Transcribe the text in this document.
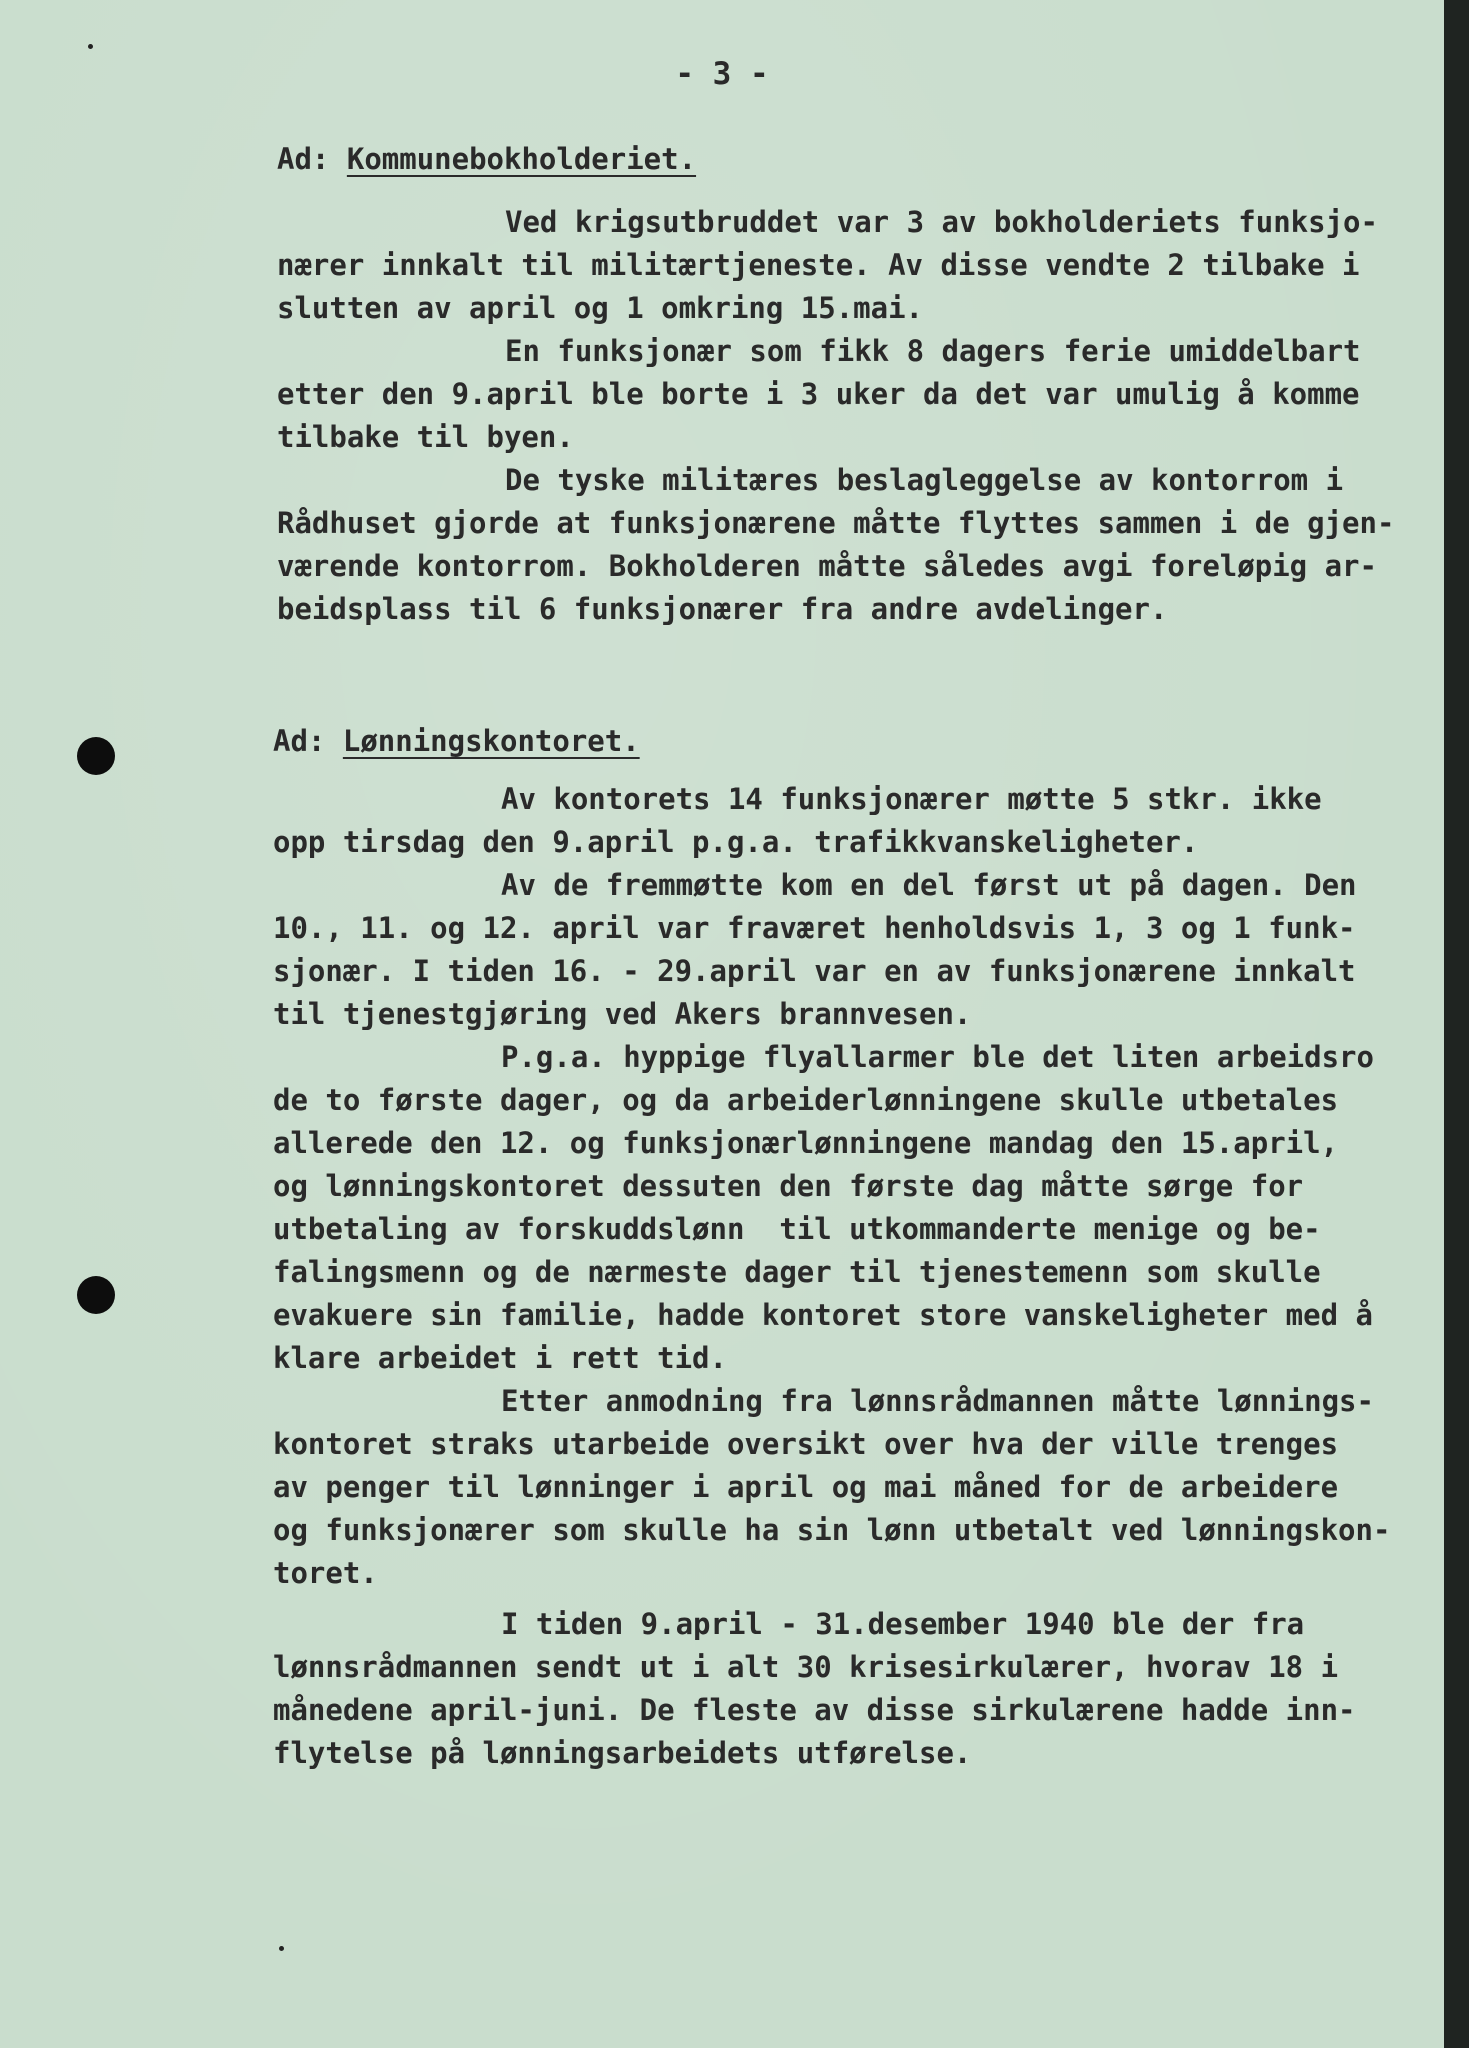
- 3 -
Ad: Kommunebokholderiet.
Ved krigsutbruddet var 3 av bokholderiets funksjo-
nærer innkalt til militærtjeneste. Av disse vendte 2 tilbake i
slutten av april og 1 omkring 15.mai.
En funksjonær som fikk 8 dagers ferie umiddelbart
etter den 9.april ble borte i 3 uker da det var umulig å komme
tilbake til byen.
De tyske militæres beslagleggelse av kontorrom i
Rådhuset gjorde at funksjonærene måtte flyttes sammen i de gjen-
værende kontorrom. Bokholderen måtte således avgi foreløpig ar-
beidsplass til 6 funksjonærer fra andre avdelinger.
Ad: Lønningskontoret.
Av kontorets 14 funksjonærer møtte 5 stkr. ikke
opp tirsdag den 9.april p.g.a. trafikkvanskeligheter.
Av de fremmøtte kom en del først ut på dagen. Den
10., 11. og 12. april var fraværet henholdsvis 1, 3 og 1 funk-
sjonær. I tiden 16. - 29.april var en av funksjonærene innkalt
til tjenestgjøring ved Akers brannvesen.
P.g.a. hyppige flyallarmer ble det liten arbeidsro
de to første dager, og da arbeiderlønningene skulle utbetales
allerede den 12. og funksjonærlønningene mandag den 15.april,
og lønningskontoret dessuten den første dag måtte sørge for
utbetaling av forskuddslønn  til utkommanderte menige og be-
falingsmenn og de nærmeste dager til tjenestemenn som skulle
evakuere sin familie, hadde kontoret store vanskeligheter med å
klare arbeidet i rett tid.
Etter anmodning fra lønnsrådmannen måtte lønnings-
kontoret straks utarbeide oversikt over hva der ville trenges
av penger til lønninger i april og mai måned for de arbeidere
og funksjonærer som skulle ha sin lønn utbetalt ved lønningskon-
toret.
I tiden 9.april - 31.desember 1940 ble der fra
lønnsrådmannen sendt ut i alt 30 krisesirkulærer, hvorav 18 i
månedene april-juni. De fleste av disse sirkulærene hadde inn-
flytelse på lønningsarbeidets utførelse.
